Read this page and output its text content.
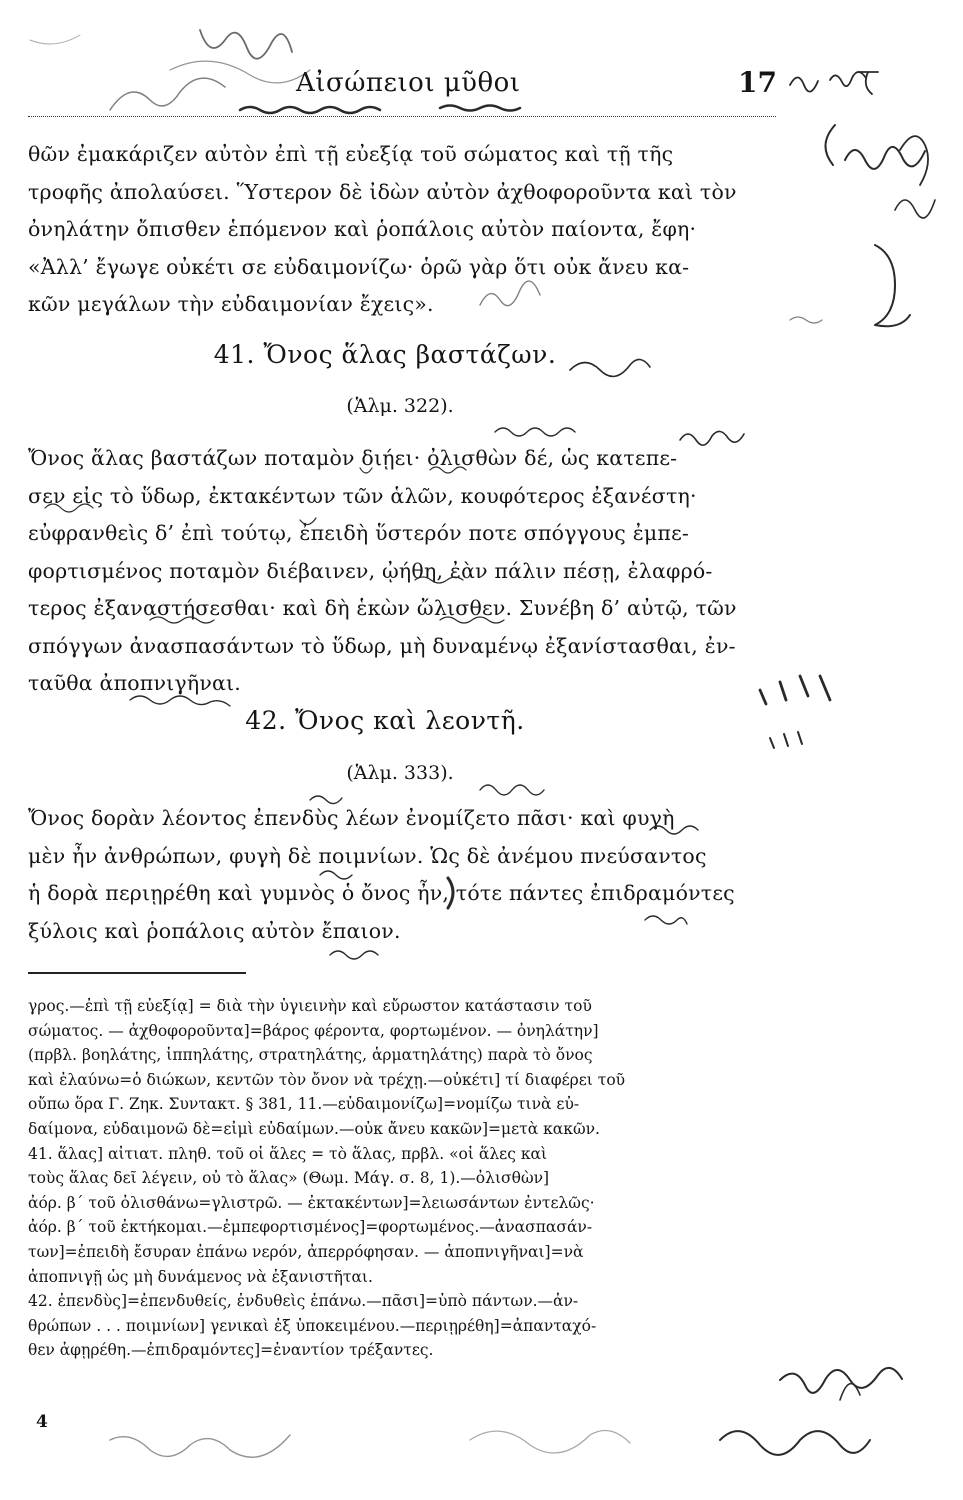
Αἰσώπειοι μῦθοι	17
θῶν ἐμακάριζεν αὐτὸν ἐπὶ τῇ εὐεξίᾳ τοῦ σώματος καὶ τῇ τῆς
τροφῆς ἀπολαύσει. Ὕστερον δὲ ἰδὼν αὐτὸν ἀχθοφοροῦντα καὶ τὸν
ὀνηλάτην ὄπισθεν ἑπόμενον καὶ ῥοπάλοις αὐτὸν παίοντα, ἔφη·
«Ἀλλ’ ἔγωγε οὐκέτι σε εὐδαιμονίζω· ὁρῶ γὰρ ὅτι οὐκ ἄνευ κα-
κῶν μεγάλων τὴν εὐδαιμονίαν ἔχεις».
41. Ὄνος ἅλας βαστάζων.
(Ἁλμ. 322).
Ὄνος ἅλας βαστάζων ποταμὸν διῄει· ὀλισθὼν δέ, ὡς κατεπε-
σεν εἰς τὸ ὕδωρ, ἐκτακέντων τῶν ἁλῶν, κουφότερος ἐξανέστη·
εὐφρανθεὶς δ’ ἐπὶ τούτῳ, ἐπειδὴ ὕστερόν ποτε σπόγγους ἐμπε-
φορτισμένος ποταμὸν διέβαινεν, ᾠήθη, ἐὰν πάλιν πέσῃ, ἐλαφρό-
τερος ἐξαναστήσεσθαι· καὶ δὴ ἑκὼν ὤλισθεν. Συνέβη δ’ αὐτῷ, τῶν
σπόγγων ἀνασπασάντων τὸ ὕδωρ, μὴ δυναμένῳ ἐξανίστασθαι, ἐν-
ταῦθα ἀποπνιγῆναι.
42. Ὄνος καὶ λεοντῆ.
(Ἁλμ. 333).
Ὄνος δορὰν λέοντος ἐπενδὺς λέων ἐνομίζετο πᾶσι· καὶ φυγὴ
μὲν ἦν ἀνθρώπων, φυγὴ δὲ ποιμνίων. Ὡς δὲ ἀνέμου πνεύσαντος
ἡ δορὰ περιῃρέθη καὶ γυμνὸς ὁ ὄνος ἦν, τότε πάντες ἐπιδραμόντες
ξύλοις καὶ ῥοπάλοις αὐτὸν ἔπαιον.
γρος.—ἐπὶ τῇ εὐεξίᾳ] = διὰ τὴν ὑγιεινὴν καὶ εὔρωστον κατάστασιν τοῦ
σώματος. — ἀχθοφοροῦντα]=βάρος φέροντα, φορτωμένον. — ὀνηλάτην]
(πρβλ. βοηλάτης, ἱππηλάτης, στρατηλάτης, ἁρματηλάτης) παρὰ τὸ ὄνος
καὶ ἐλαύνω=ὁ διώκων, κεντῶν τὸν ὄνον νὰ τρέχῃ.—οὐκέτι] τί διαφέρει τοῦ
οὔπω ὅρα Γ. Ζηκ. Συντακτ. § 381, 11.—εὐδαιμονίζω]=νομίζω τινὰ εὐ-
δαίμονα, εὐδαιμονῶ δὲ=εἰμὶ εὐδαίμων.—οὐκ ἄνευ κακῶν]=μετὰ κακῶν.
41. ἅλας] αἰτιατ. πληθ. τοῦ οἱ ἅλες = τὸ ἅλας, πρβλ. «οἱ ἅλες καὶ
τοὺς ἅλας δεῖ λέγειν, οὐ τὸ ἅλας» (Θωμ. Μάγ. σ. 8, 1).—ὀλισθὼν]
ἀόρ. β΄ τοῦ ὀλισθάνω=γλιστρῶ. — ἐκτακέντων]=λειωσάντων ἐντελῶς·
ἀόρ. β΄ τοῦ ἐκτήκομαι.—ἐμπεφορτισμένος]=φορτωμένος.—ἀνασπασάν-
των]=ἐπειδὴ ἔσυραν ἐπάνω νερόν, ἀπερρόφησαν. — ἀποπνιγῆναι]=νὰ
ἀποπνιγῇ ὡς μὴ δυνάμενος νὰ ἐξανιστῆται.
42. ἐπενδὺς]=ἐπενδυθείς, ἐνδυθεὶς ἐπάνω.—πᾶσι]=ὑπὸ πάντων.—ἀν-
θρώπων . . . ποιμνίων] γενικαὶ ἐξ ὑποκειμένου.—περιῃρέθη]=ἀπανταχό-
θεν ἀφῃρέθη.—ἐπιδραμόντες]=ἐναντίον τρέξαντες.
4
